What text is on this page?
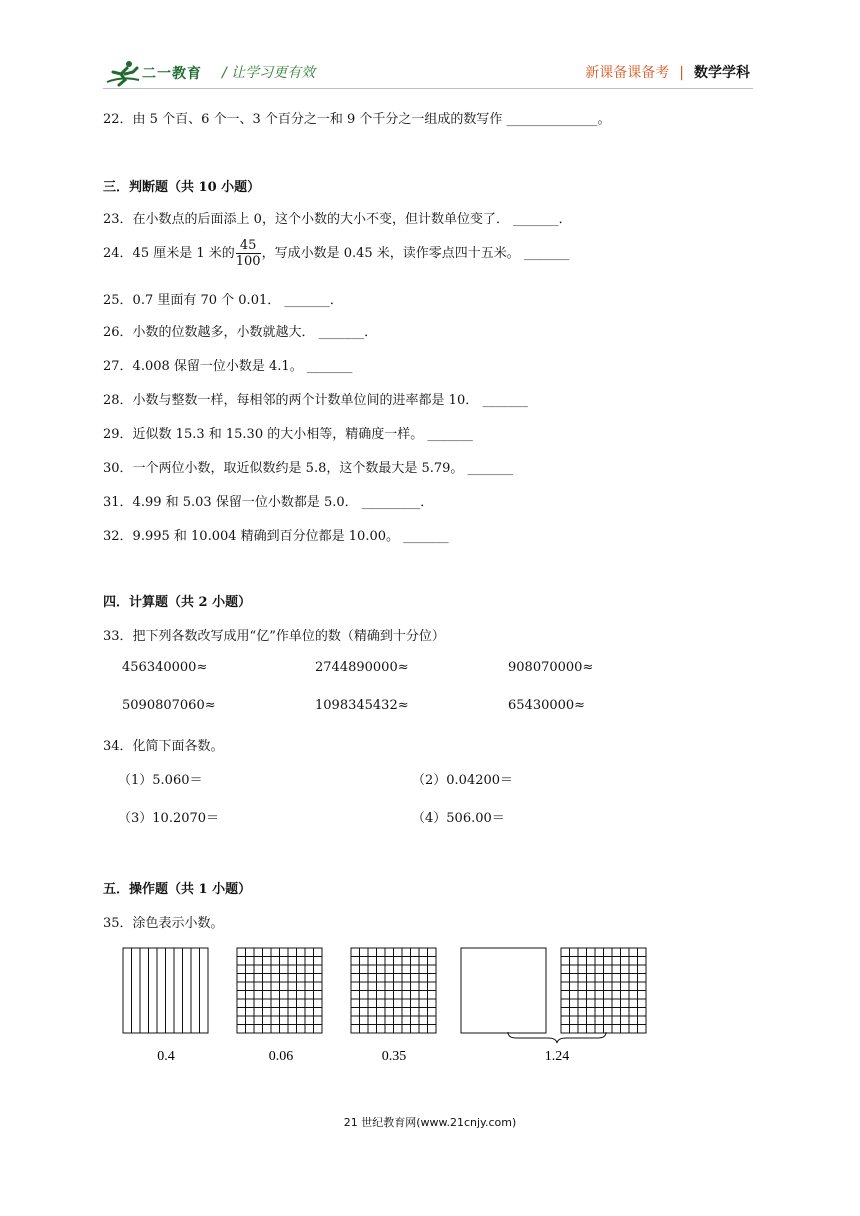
二一教育 / 让学习更有效	新课备课备考 | 数学学科
22．由 5 个百、6 个一、3 个百分之一和 9 个千分之一组成的数写作 ______________。
三．判断题（共 10 小题）
23．在小数点的后面添上 0，这个小数的大小不变，但计数单位变了． _______．
24．45 厘米是 1 米的 $\frac{45}{100}$ ，写成小数是 0.45 米，读作零点四十五米。 _______
25．0.7 里面有 70 个 0.01． _______．
26．小数的位数越多，小数就越大． _______．
27．4.008 保留一位小数是 4.1。 _______
28．小数与整数一样，每相邻的两个计数单位间的进率都是 10． _______
29．近似数 15.3 和 15.30 的大小相等，精确度一样。 _______
30．一个两位小数，取近似数约是 5.8，这个数最大是 5.79。 _______
31．4.99 和 5.03 保留一位小数都是 5.0． _________．
32．9.995 和 10.004 精确到百分位都是 10.00。 _______
四．计算题（共 2 小题）
33．把下列各数改写成用“亿”作单位的数（精确到十分位）
456340000≈	2744890000≈	908070000≈
5090807060≈	1098345432≈	65430000≈
34．化简下面各数。
（1）5.060＝	（2）0.04200＝
（3）10.2070＝	（4）506.00＝
五．操作题（共 1 小题）
35．涂色表示小数。
0.4	0.06	0.35	1.24
21 世纪教育网(www.21cnjy.com)
